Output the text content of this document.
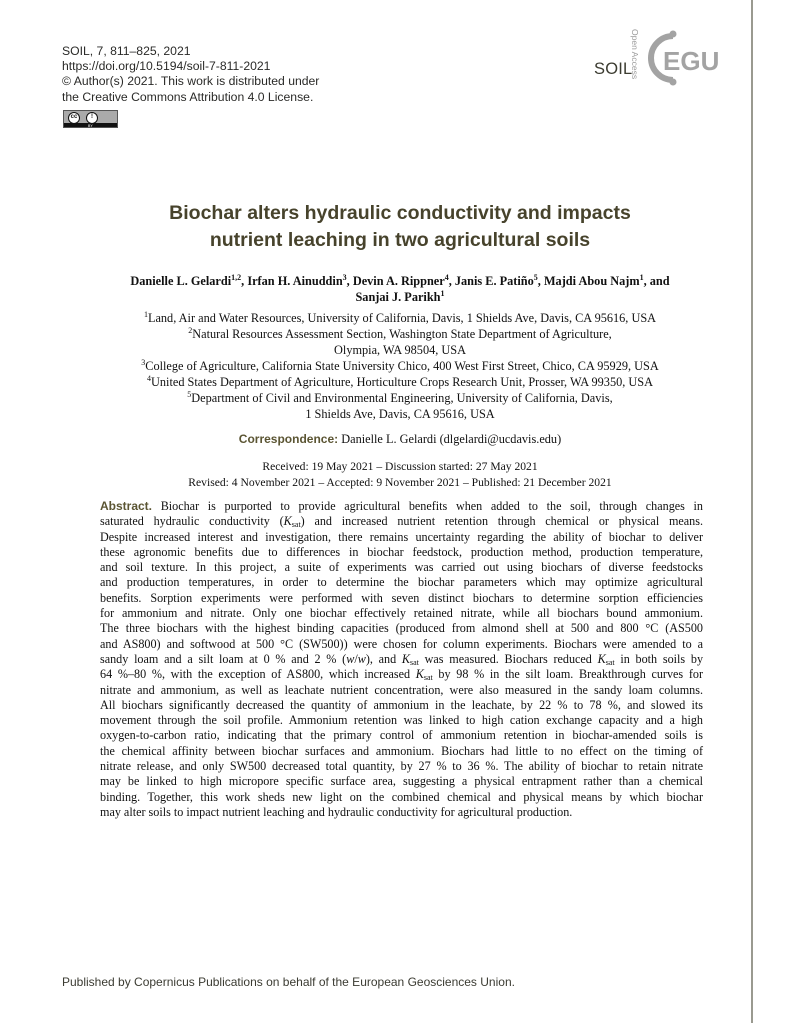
SOIL, 7, 811–825, 2021
https://doi.org/10.5194/soil-7-811-2021
© Author(s) 2021. This work is distributed under
the Creative Commons Attribution 4.0 License.
cc	!
BY
SOIL
Open Access EGU
Biochar alters hydraulic conductivity and impacts
nutrient leaching in two agricultural soils
Danielle L. Gelardi$^{1,2}$, Irfan H. Ainuddin$^3$, Devin A. Rippner$^4$, Janis E. Patiño$^5$, Majdi Abou Najm$^1$, and
Sanjai J. Parikh$^1$
$^1$Land, Air and Water Resources, University of California, Davis, 1 Shields Ave, Davis, CA 95616, USA
$^2$Natural Resources Assessment Section, Washington State Department of Agriculture,
Olympia, WA 98504, USA
$^3$College of Agriculture, California State University Chico, 400 West First Street, Chico, CA 95929, USA
$^4$United States Department of Agriculture, Horticulture Crops Research Unit, Prosser, WA 99350, USA
$^5$Department of Civil and Environmental Engineering, University of California, Davis,
1 Shields Ave, Davis, CA 95616, USA
Correspondence: Danielle L. Gelardi (dlgelardi@ucdavis.edu)
Received: 19 May 2021 – Discussion started: 27 May 2021
Revised: 4 November 2021 – Accepted: 9 November 2021 – Published: 21 December 2021
Abstract. Biochar is purported to provide agricultural benefits when added to the soil, through changes in
saturated hydraulic conductivity $(K_{sat})$ and increased nutrient retention through chemical or physical means.
Despite increased interest and investigation, there remains uncertainty regarding the ability of biochar to deliver
these agronomic benefits due to differences in biochar feedstock, production method, production temperature,
and soil texture. In this project, a suite of experiments was carried out using biochars of diverse feedstocks
and production temperatures, in order to determine the biochar parameters which may optimize agricultural
benefits. Sorption experiments were performed with seven distinct biochars to determine sorption efficiencies
for ammonium and nitrate. Only one biochar effectively retained nitrate, while all biochars bound ammonium.
The three biochars with the highest binding capacities (produced from almond shell at 500 and 800 °C (AS500
and AS800) and softwood at 500 °C (SW500)) were chosen for column experiments. Biochars were amended to a
sandy loam and a silt loam at 0 % and 2 % (w/w), and $K_{sat}$ was measured. Biochars reduced $K_{sat}$ in both soils by
64 %–80 %, with the exception of AS800, which increased $K_{sat}$ by 98 % in the silt loam. Breakthrough curves for
nitrate and ammonium, as well as leachate nutrient concentration, were also measured in the sandy loam columns.
All biochars significantly decreased the quantity of ammonium in the leachate, by 22 % to 78 %, and slowed its
movement through the soil profile. Ammonium retention was linked to high cation exchange capacity and a high
oxygen-to-carbon ratio, indicating that the primary control of ammonium retention in biochar-amended soils is
the chemical affinity between biochar surfaces and ammonium. Biochars had little to no effect on the timing of
nitrate release, and only SW500 decreased total quantity, by 27 % to 36 %. The ability of biochar to retain nitrate
may be linked to high micropore specific surface area, suggesting a physical entrapment rather than a chemical
binding. Together, this work sheds new light on the combined chemical and physical means by which biochar
may alter soils to impact nutrient leaching and hydraulic conductivity for agricultural production.
Published by Copernicus Publications on behalf of the European Geosciences Union.
